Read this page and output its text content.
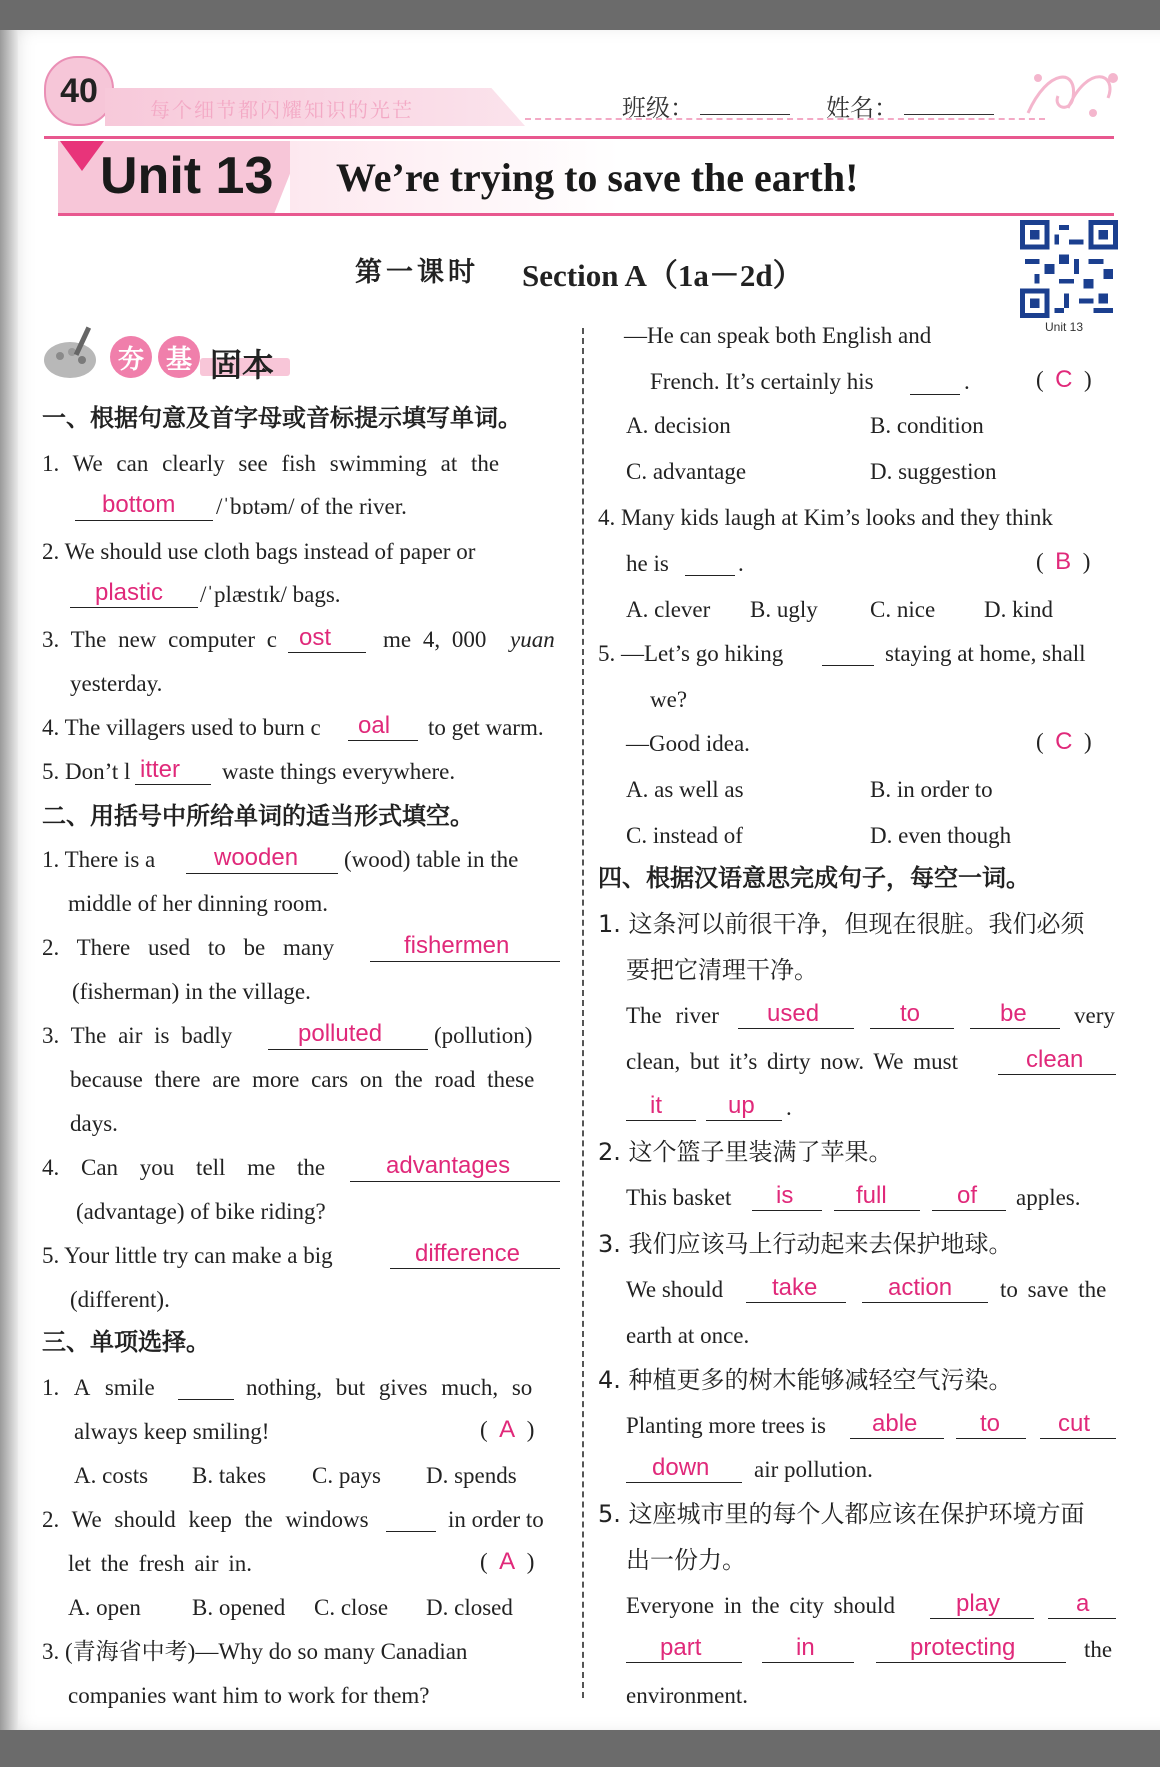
40
每个细节都闪耀知识的光芒	班级：	姓名：
Unit 13 We’re trying to save the earth!
第一课时 Section A（1a－2d）
Unit 13
夯 基 固本
一、根据句意及首字母或音标提示填写单词。
1. We can clearly see fish swimming at the
bottom /ˈbɒtəm/ of the river.
2. We should use cloth bags instead of paper or
plastic /ˈplæstɪk/ bags.
3. The new computer c ost me 4, 000 yuan
yesterday.
4. The villagers used to burn c oal to get warm.
5. Don’t l itter waste things everywhere.
二、用括号中所给单词的适当形式填空。
1. There is a wooden (wood) table in the
middle of her dinning room.
2. There used to be many	fishermen
(fisherman) in the village.
3. The air is badly	polluted (pollution)
because there are more cars on the road these
days.
4. Can you tell me the	advantages
(advantage) of bike riding?
5. Your little try can make a big	difference
(different).
三、单项选择。
1. A smile	nothing, but gives much, so
always keep smiling!	(  A  )
A. costs B. takes C. pays D. spends
2. We should keep the windows	in order to
let the fresh air in.	(  A  )
A. open B. opened C. close D. closed
3. (青海省中考)—Why do so many Canadian
companies want him to work for them?
—He can speak both English and
French. It’s certainly his	.	(  C  )
A. decision	B. condition
C. advantage	D. suggestion
4. Many kids laugh at Kim’s looks and they think
he is	.	(  B  )
A. clever B. ugly C. nice D. kind
5. —Let’s go hiking	staying at home, shall
we?
—Good idea.	(  C  )
A. as well as	B. in order to
C. instead of	D. even though
四、根据汉语意思完成句子，每空一词。
1. 这条河以前很干净，但现在很脏。我们必须
要把它清理干净。
The river used	to	be very
clean, but it’s dirty now. We must	clean
it	up .
2. 这个篮子里装满了苹果。
This basket is	full	of apples.
3. 我们应该马上行动起来去保护地球。
We should take	action to save the
earth at once.
4. 种植更多的树木能够减轻空气污染。
Planting more trees is able	to cut
down air pollution.
5. 这座城市里的每个人都应该在保护环境方面
出一份力。
Everyone in the city should	play	a
part	in	protecting	the
environment.
